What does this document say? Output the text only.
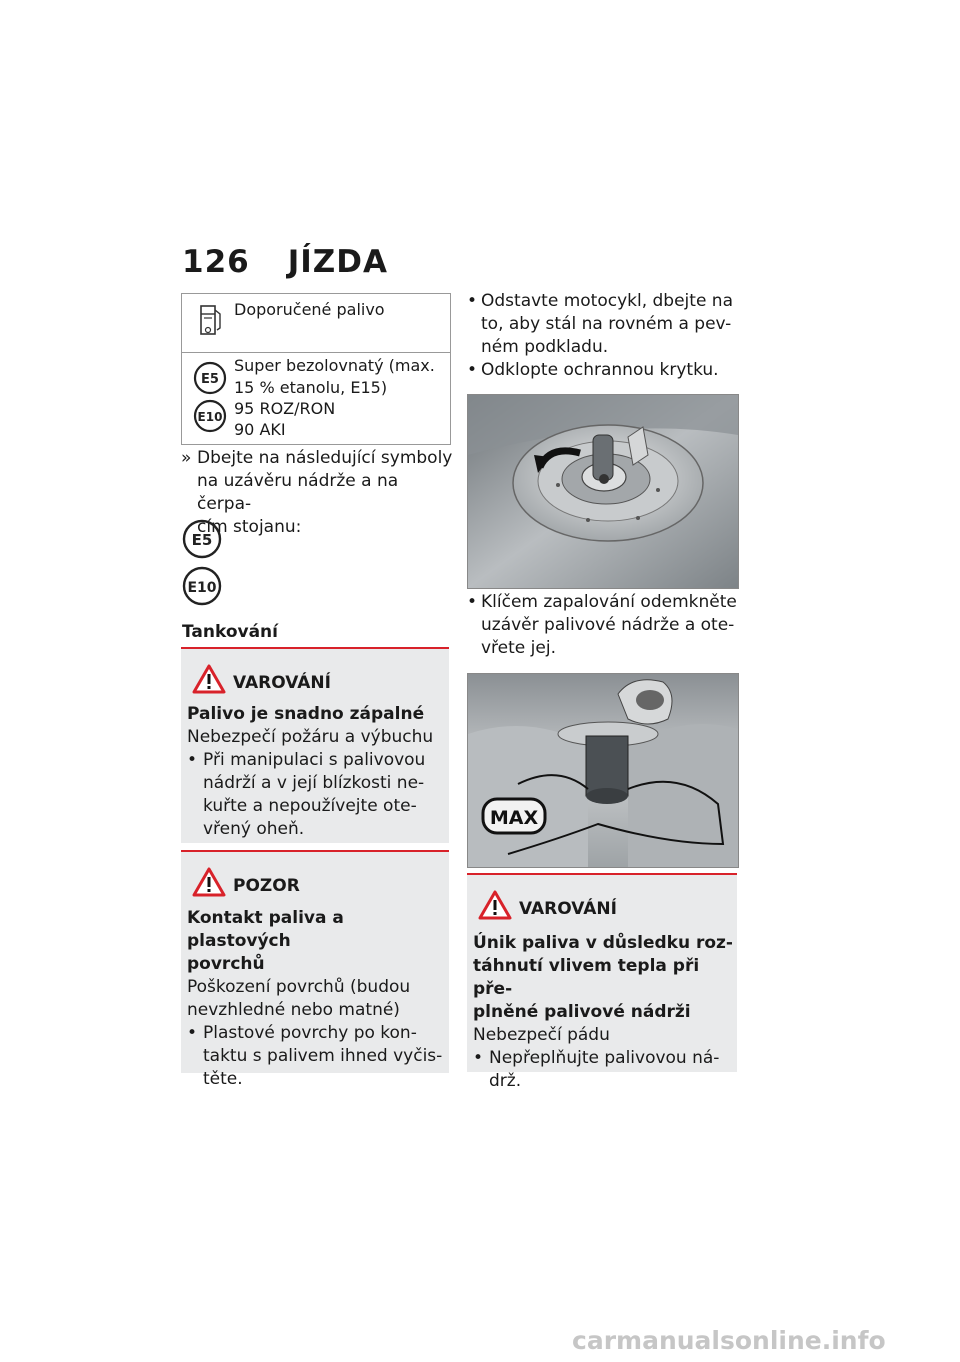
126 JÍZDA
Doporučené palivo
E5
E10
Super bezolovnatý (max.
15 % etanolu, E15)
95 ROZ/RON
90 AKI
» Dbejte na následující symboly
na uzávěru nádrže a na čerpa-
cím stojanu:
E5
E10
Tankování
VAROVÁNÍ
Palivo je snadno zápalné
Nebezpečí požáru a výbuchu
• Při manipulaci s palivovou
nádrží a v její blízkosti ne-
kuřte a nepoužívejte ote-
vřený oheň.
POZOR
Kontakt paliva a plastových
povrchů
Poškození povrchů (budou
nevzhledné nebo matné)
• Plastové povrchy po kon-
taktu s palivem ihned vyčis-
těte.
• Odstavte motocykl, dbejte na
to, aby stál na rovném a pev-
ném podkladu.
• Odklopte ochrannou krytku.
• Klíčem zapalování odemkněte
uzávěr palivové nádrže a ote-
vřete jej.
MAX
VAROVÁNÍ
Únik paliva v důsledku roz-
táhnutí vlivem tepla při pře-
plněné palivové nádrži
Nebezpečí pádu
• Nepřeplňujte palivovou ná-
drž.
carmanualsonline.info
